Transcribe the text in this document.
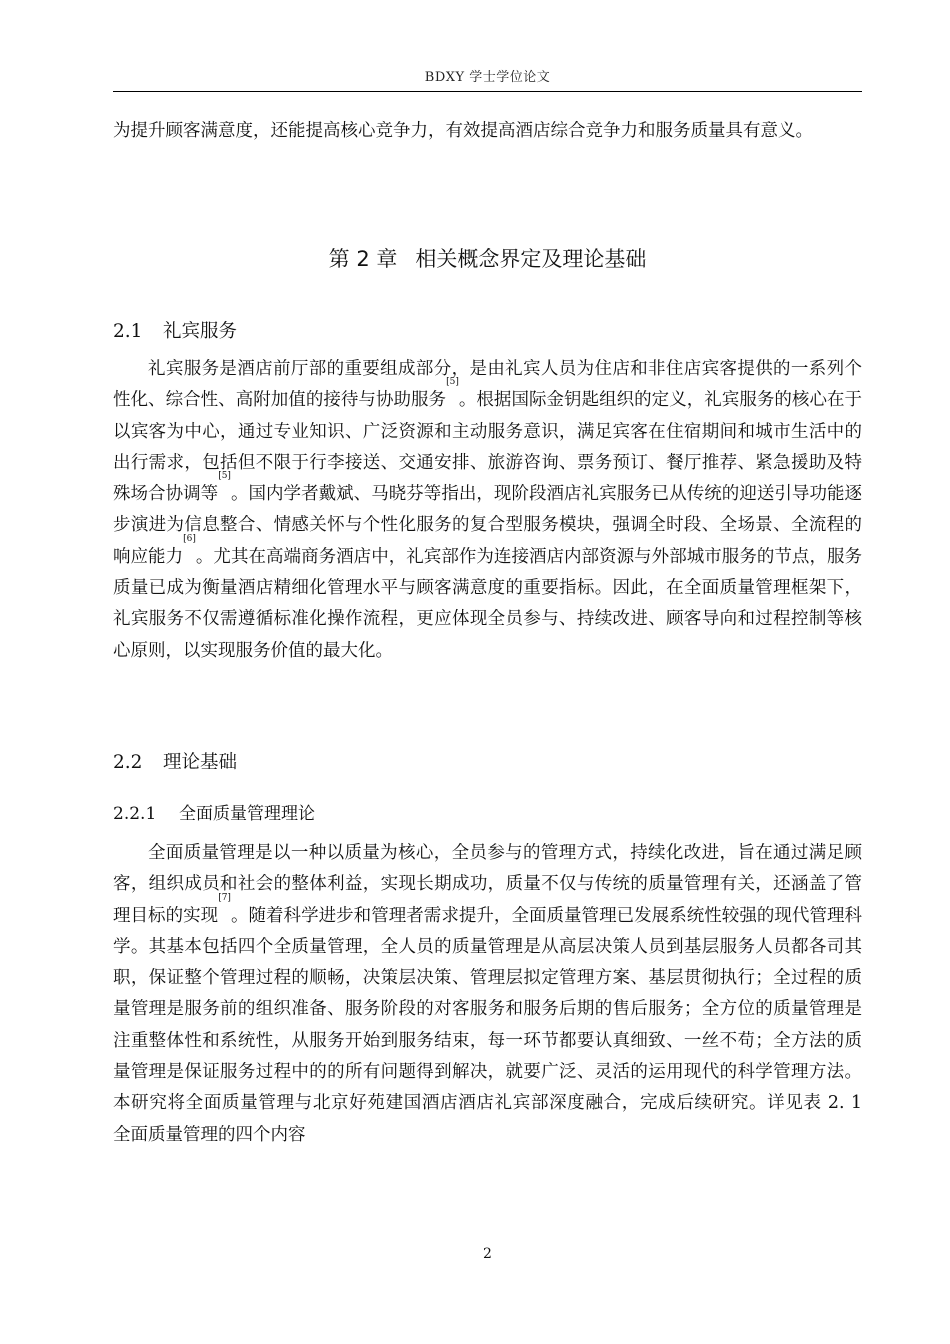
BDXY 学士学位论文
为提升顾客满意度，还能提高核心竞争力，有效提高酒店综合竞争力和服务质量具有意义。
第 2 章 相关概念界定及理论基础
2.1 礼宾服务
礼宾服务是酒店前厅部的重要组成部分，是由礼宾人员为住店和非住店宾客提供的一系列个性化、综合性、高附加值的接待与协助服务[5]。根据国际金钥匙组织的定义，礼宾服务的核心在于以宾客为中心，通过专业知识、广泛资源和主动服务意识，满足宾客在住宿期间和城市生活中的出行需求，包括但不限于行李接送、交通安排、旅游咨询、票务预订、餐厅推荐、紧急援助及特殊场合协调等[5]。国内学者戴斌、马晓芬等指出，现阶段酒店礼宾服务已从传统的迎送引导功能逐步演进为信息整合、情感关怀与个性化服务的复合型服务模块，强调全时段、全场景、全流程的响应能力[6]。尤其在高端商务酒店中，礼宾部作为连接酒店内部资源与外部城市服务的节点，服务质量已成为衡量酒店精细化管理水平与顾客满意度的重要指标。因此，在全面质量管理框架下，礼宾服务不仅需遵循标准化操作流程，更应体现全员参与、持续改进、顾客导向和过程控制等核心原则，以实现服务价值的最大化。
2.2 理论基础
2.2.1 全面质量管理理论
全面质量管理是以一种以质量为核心，全员参与的管理方式，持续化改进，旨在通过满足顾客，组织成员和社会的整体利益，实现长期成功，质量不仅与传统的质量管理有关，还涵盖了管理目标的实现[7]。随着科学进步和管理者需求提升，全面质量管理已发展系统性较强的现代管理科学。其基本包括四个全质量管理，全人员的质量管理是从高层决策人员到基层服务人员都各司其职，保证整个管理过程的顺畅，决策层决策、管理层拟定管理方案、基层贯彻执行；全过程的质量管理是服务前的组织准备、服务阶段的对客服务和服务后期的售后服务；全方位的质量管理是注重整体性和系统性，从服务开始到服务结束，每一环节都要认真细致、一丝不苟；全方法的质量管理是保证服务过程中的的所有问题得到解决，就要广泛、灵活的运用现代的科学管理方法。本研究将全面质量管理与北京好苑建国酒店酒店礼宾部深度融合，完成后续研究。详见表 2. 1　全面质量管理的四个内容
2
